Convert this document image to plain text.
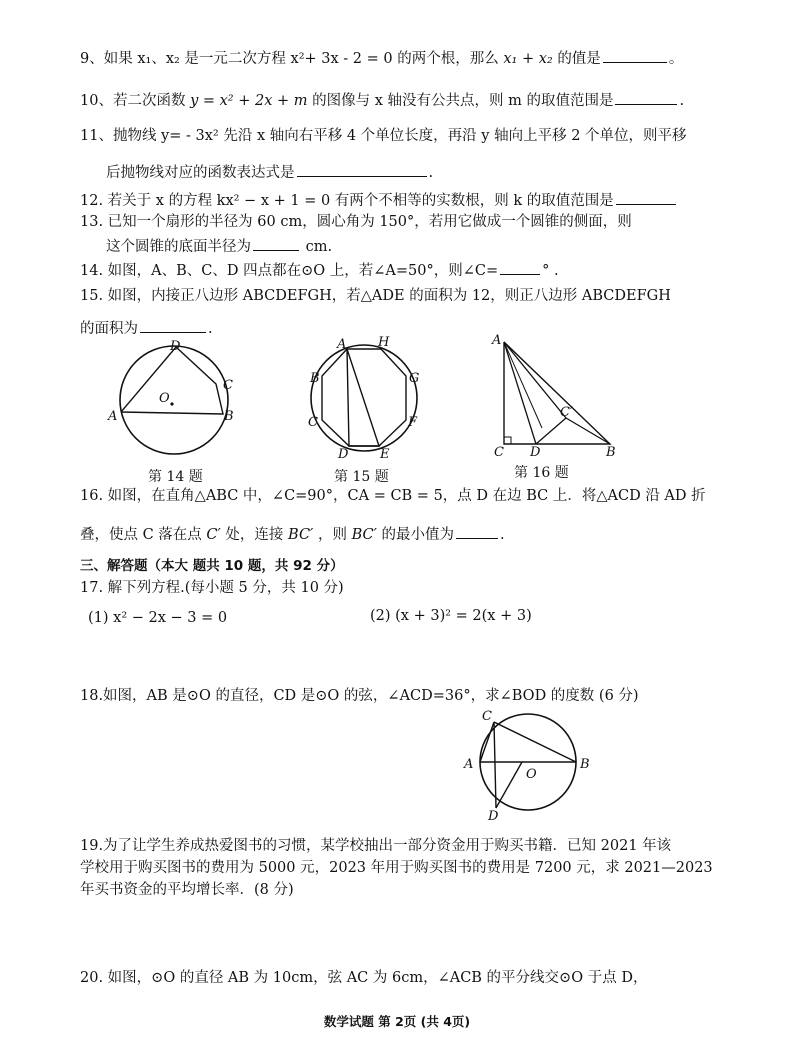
9、如果 x₁、x₂ 是一元二次方程 x²+ 3x - 2 = 0 的两个根，那么 x₁ + x₂ 的值是	。
10、若二次函数 y = x² + 2x + m 的图像与 x 轴没有公共点，则 m 的取值范围是	.
11、抛物线 y= - 3x² 先沿 x 轴向右平移 4 个单位长度，再沿 y 轴向上平移 2 个单位，则平移
后抛物线对应的函数表达式是	.
12. 若关于 x 的方程 kx² − x + 1 = 0 有两个不相等的实数根，则 k 的取值范围是
13. 已知一个扇形的半径为 60 cm，圆心角为 150°，若用它做成一个圆锥的侧面，则
这个圆锥的底面半径为	cm.
14. 如图，A、B、C、D 四点都在⊙O 上，若∠A=50°，则∠C=	° .
15. 如图，内接正八边形 ABCDEFGH，若△ADE 的面积为 12，则正八边形 ABCDEFGH
的面积为	.
D
C
O
A	B
第 14 题
A H
B	G
C	F
D E
第 15 题
A
C′
C D	B
第 16 题
16. 如图，在直角△ABC 中，∠C=90°，CA = CB = 5，点 D 在边 BC 上．将△ACD 沿 AD 折
叠，使点 C 落在点 C′ 处，连接 BC′ ，则 BC′ 的最小值为	.
三、解答题（本大 题共 10 题，共 92 分）
17. 解下列方程.(每小题 5 分，共 10 分)
(1) x² − 2x − 3 = 0	(2) (x + 3)² = 2(x + 3)
18.如图，AB 是⊙O 的直径，CD 是⊙O 的弦，∠ACD=36°，求∠BOD 的度数 (6 分)
C
A
O
B
D
19.为了让学生养成热爱图书的习惯，某学校抽出一部分资金用于购买书籍．已知 2021 年该
学校用于购买图书的费用为 5000 元，2023 年用于购买图书的费用是 7200 元，求 2021—2023
年买书资金的平均增长率．(8 分)
20. 如图，⊙O 的直径 AB 为 10cm，弦 AC 为 6cm，∠ACB 的平分线交⊙O 于点 D，
数学试题 第 2页 (共 4页)
